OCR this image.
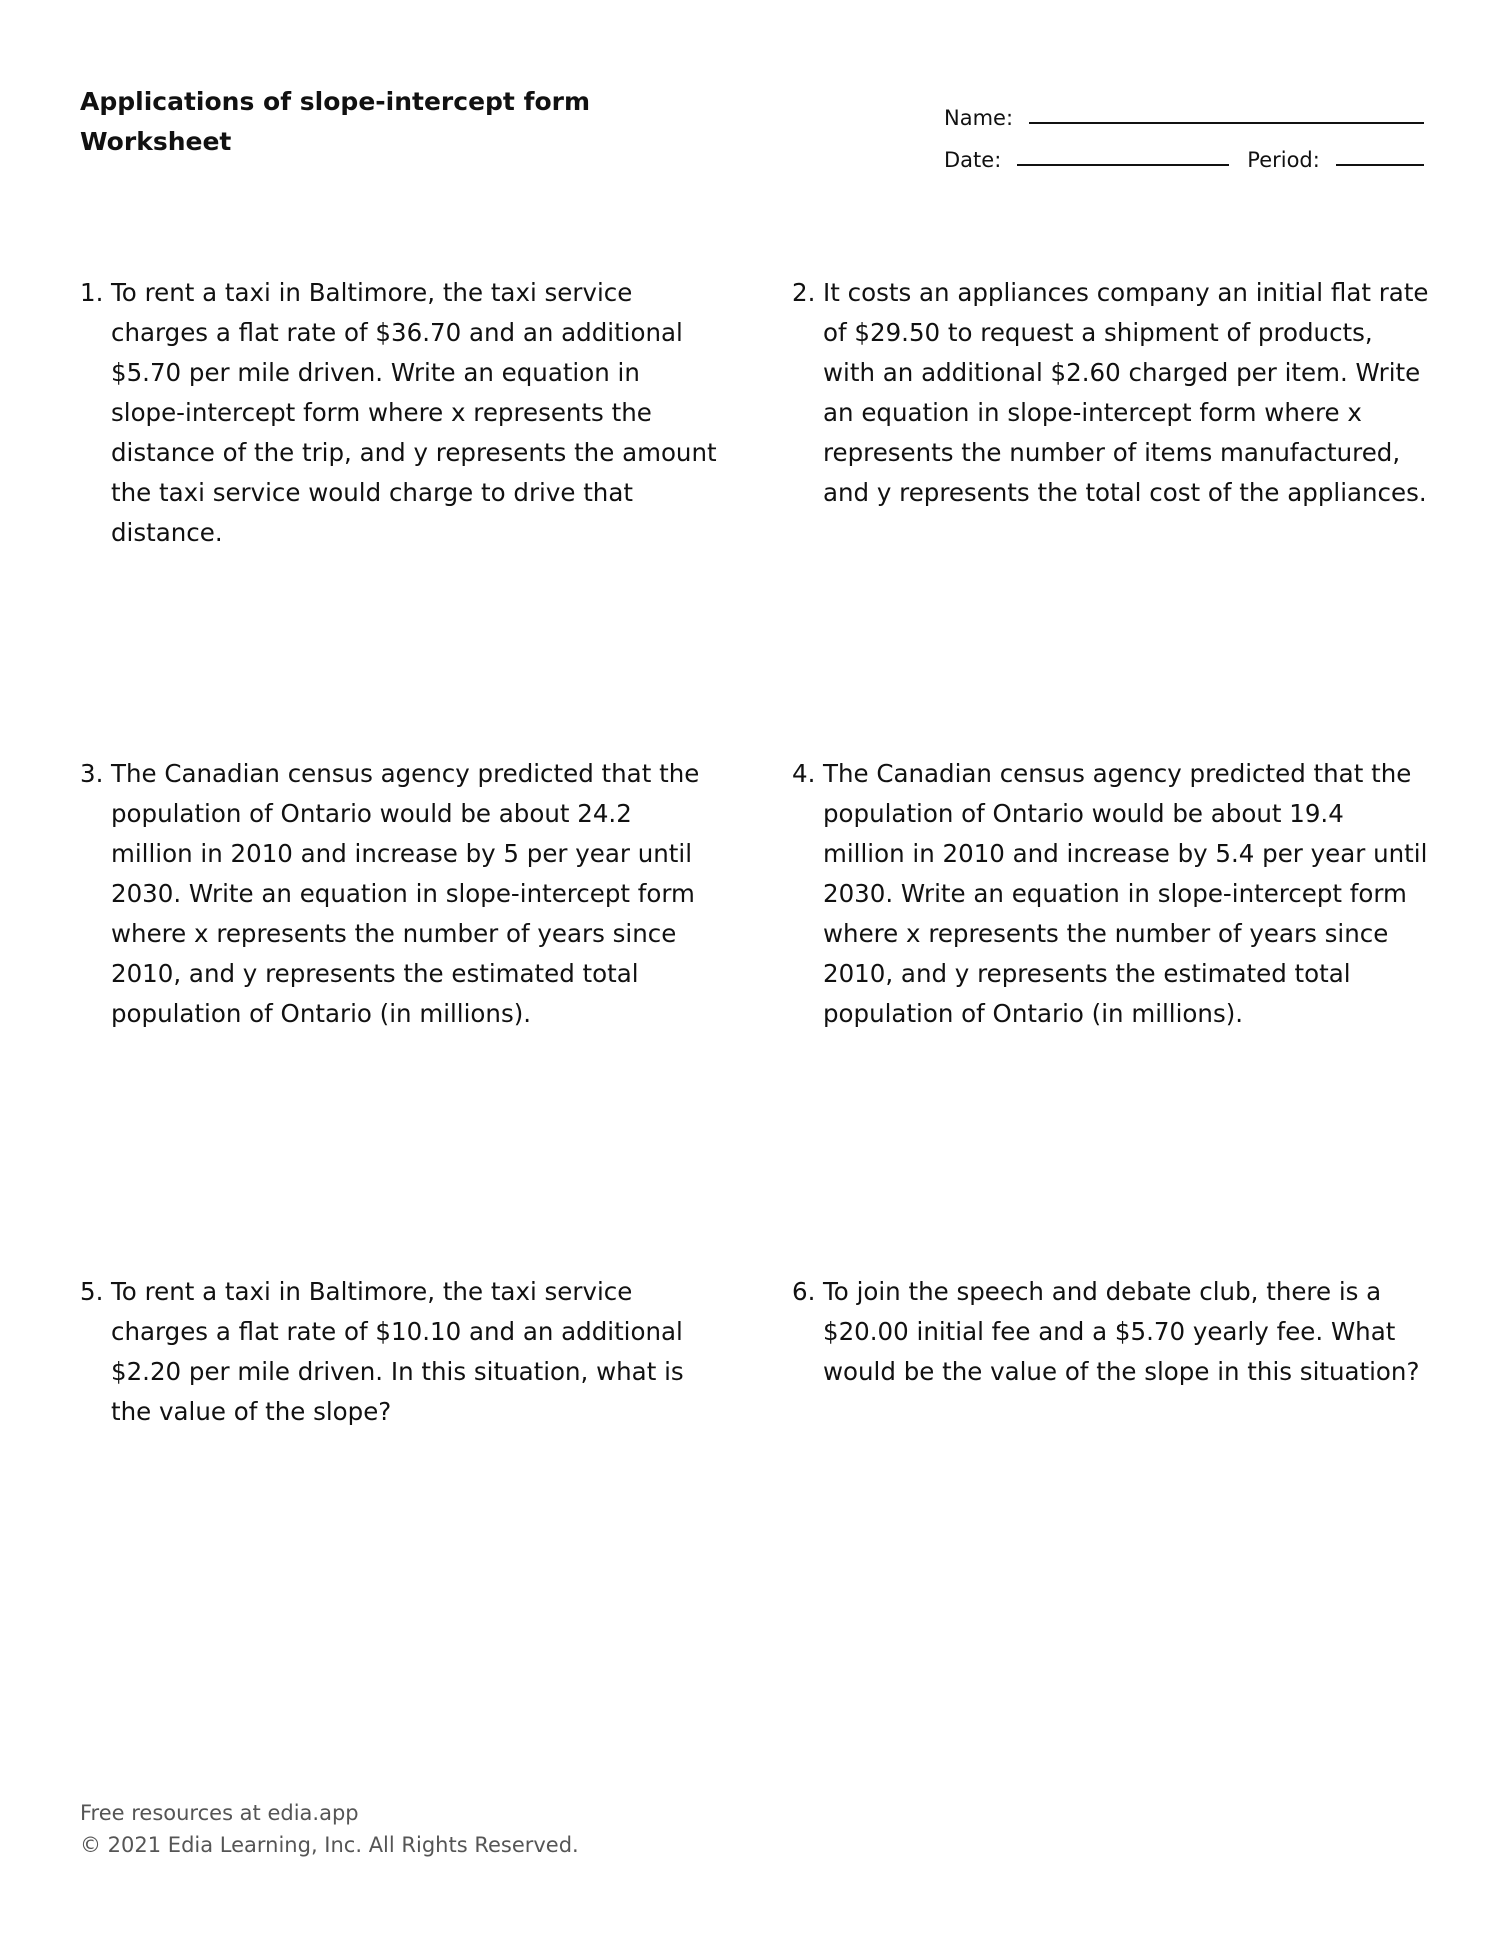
Applications of slope-intercept form
Worksheet
Name:
Date:	Period:
1. To rent a taxi in Baltimore, the taxi service charges a flat rate of $36.70 and an additional $5.70 per mile driven. Write an equation in slope-intercept form where x represents the distance of the trip, and y represents the amount the taxi service would charge to drive that distance.
2. It costs an appliances company an initial flat rate of $29.50 to request a shipment of products, with an additional $2.60 charged per item. Write an equation in slope-intercept form where x represents the number of items manufactured, and y represents the total cost of the appliances.
3. The Canadian census agency predicted that the population of Ontario would be about 24.2 million in 2010 and increase by 5 per year until 2030. Write an equation in slope-intercept form where x represents the number of years since 2010, and y represents the estimated total population of Ontario (in millions).
4. The Canadian census agency predicted that the population of Ontario would be about 19.4 million in 2010 and increase by 5.4 per year until 2030. Write an equation in slope-intercept form where x represents the number of years since 2010, and y represents the estimated total population of Ontario (in millions).
5. To rent a taxi in Baltimore, the taxi service charges a flat rate of $10.10 and an additional $2.20 per mile driven. In this situation, what is the value of the slope?
6. To join the speech and debate club, there is a $20.00 initial fee and a $5.70 yearly fee. What would be the value of the slope in this situation?
Free resources at edia.app
© 2021 Edia Learning, Inc. All Rights Reserved.
